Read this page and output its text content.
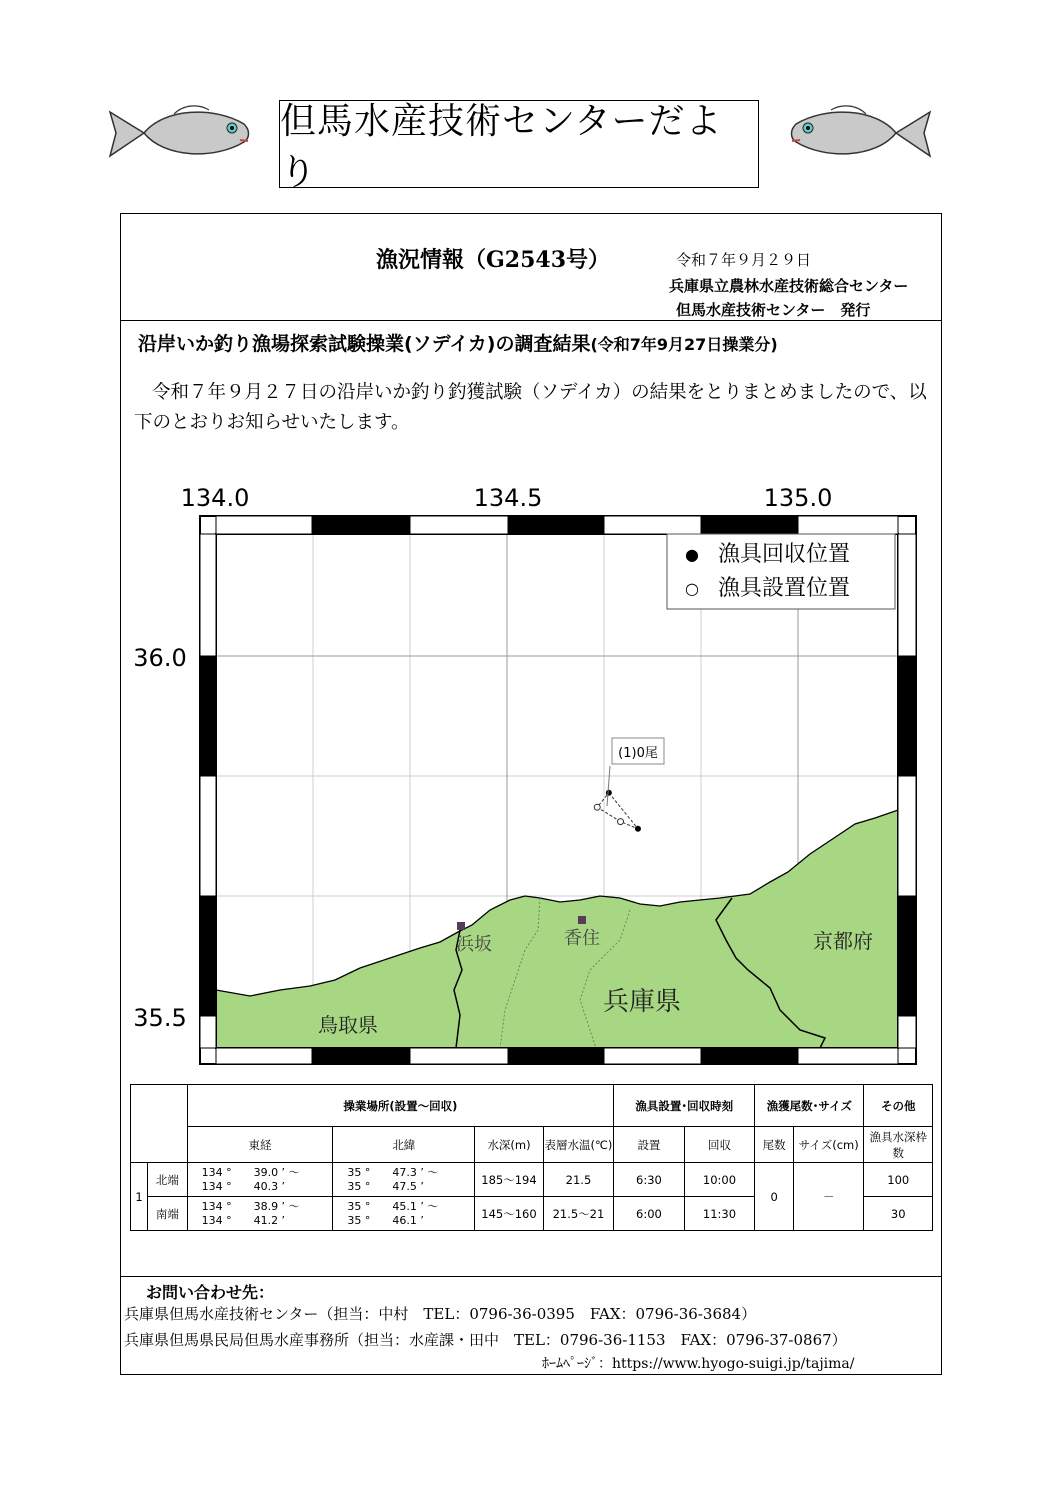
但馬水産技術センターだより
漁況情報（G2543号）	令和７年９月２９日
兵庫県立農林水産技術総合センター
但馬水産技術センター　発行
沿岸いか釣り漁場探索試験操業(ソデイカ)の調査結果(令和7年9月27日操業分)
令和７年９月２７日の沿岸いか釣り釣獲試験（ソデイカ）の結果をとりまとめましたので、以下のとおりお知らせいたします。
134.0	134.5	135.0
36.0
35.5
● 漁具回収位置
○ 漁具設置位置
(1)0尾
浜坂	香住
鳥取県
兵庫県
京都府
		操業場所(設置～回収)				漁具設置･回収時刻		漁獲尾数･サイズ		その他
		東経	北緯	水深(m)	表層水温(℃)	設置	回収	尾数	サイズ(cm)	漁具水深枠数
1	北端	134 °　　39.0 ’ ～
134 °　　40.3 ’	35 °　　47.3 ’ ～
35 °　　47.5 ’	185～194	21.5	6:30	10:00	0	－	100
	南端	134 °　　38.9 ’ ～
134 °　　41.2 ’	35 °　　45.1 ’ ～
35 °　　46.1 ’	145～160	21.5～21	6:00	11:30			30
お問い合わせ先：
兵庫県但馬水産技術センター（担当：中村　TEL：0796-36-0395　FAX：0796-36-3684）
兵庫県但馬県民局但馬水産事務所（担当：水産課・田中　TEL：0796-36-1153　FAX：0796-37-0867）
ﾎｰﾑﾍﾟｰｼﾞ：https://www.hyogo-suigi.jp/tajima/
